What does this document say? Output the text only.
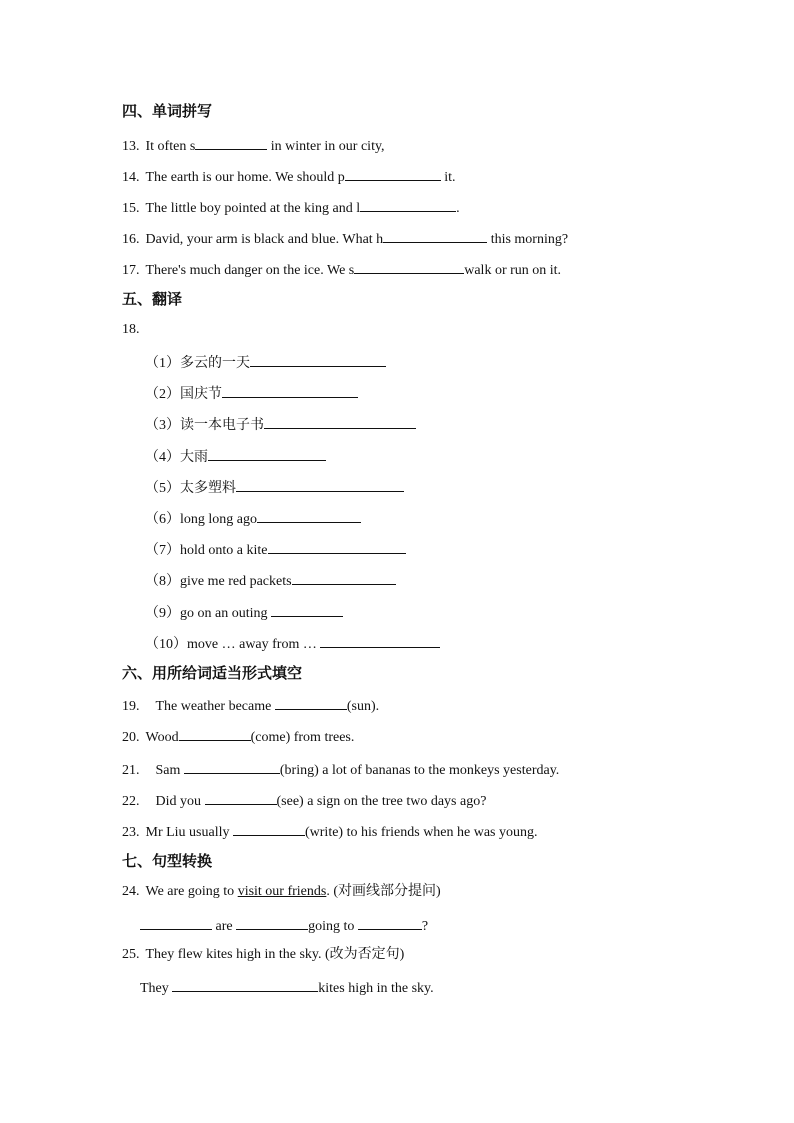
四、单词拼写
13. It often s	in winter in our city,
14. The earth is our home. We should p	it.
15. The little boy pointed at the king and l	.
16. David, your arm is black and blue. What h	this morning?
17. There's much danger on the ice. We s	walk or run on it.
五、翻译
18.
（1）多云的一天
（2）国庆节
（3）读一本电子书
（4）大雨
（5）太多塑料
（6）long long ago
（7）hold onto a kite
（8）give me red packets
（9）go on an outing
（10）move … away from …
六、用所给词适当形式填空
19. The weather became	(sun).
20. Wood	(come) from trees.
21. Sam	(bring) a lot of bananas to the monkeys yesterday.
22. Did you	(see) a sign on the tree two days ago?
23. Mr Liu usually	(write) to his friends when he was young.
七、句型转换
24. We are going to visit our friends. (对画线部分提问)
are	going to	?
25. They flew kites high in the sky. (改为否定句)
They	kites high in the sky.
